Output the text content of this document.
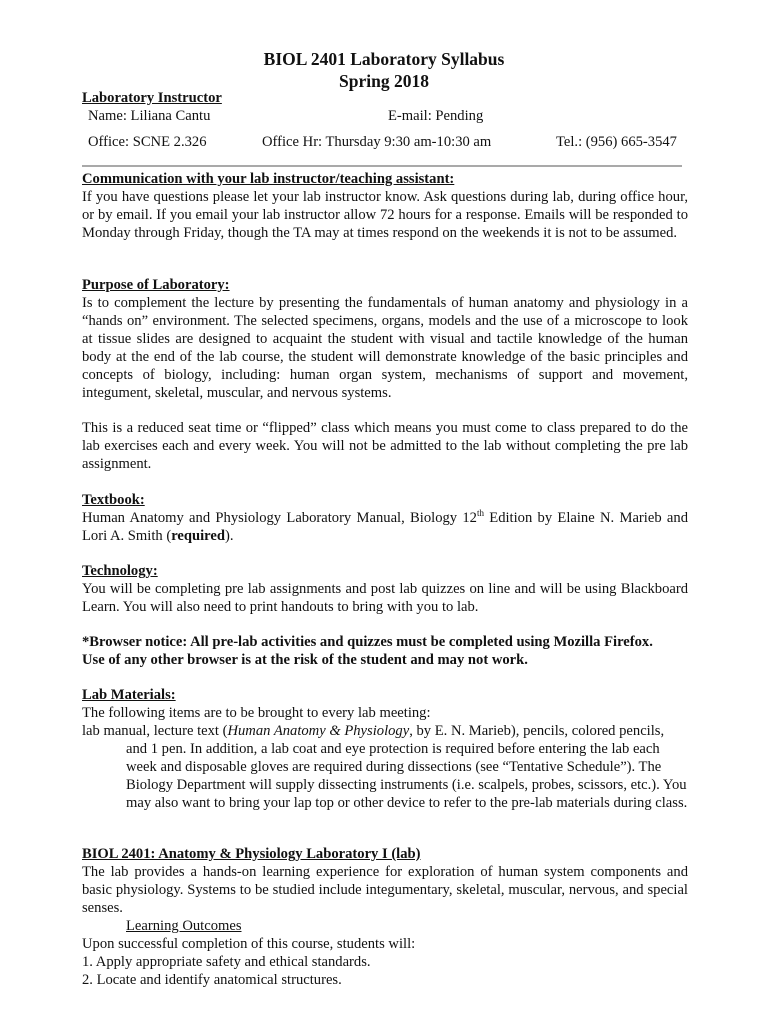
BIOL 2401 Laboratory Syllabus
Spring 2018
Laboratory Instructor
Name: Liliana Cantu	E-mail: Pending
Office: SCNE 2.326	Office Hr: Thursday 9:30 am-10:30 am	Tel.: (956) 665-3547

Communication with your lab instructor/teaching assistant:

If you have questions please let your lab instructor know. Ask questions during lab, during office hour, or by email. If you email your lab instructor allow 72 hours for a response. Emails will be responded to Monday through Friday, though the TA may at times respond on the weekends it is not to be assumed.

Purpose of Laboratory:

Is to complement the lecture by presenting the fundamentals of human anatomy and physiology in a “hands on” environment. The selected specimens, organs, models and the use of a microscope to look at tissue slides are designed to acquaint the student with visual and tactile knowledge of the human body at the end of the lab course, the student will demonstrate knowledge of the basic principles and concepts of biology, including: human organ system, mechanisms of support and movement, integument, skeletal, muscular, and nervous systems.

This is a reduced seat time or “flipped” class which means you must come to class prepared to do the lab exercises each and every week. You will not be admitted to the lab without completing the pre lab assignment.

Textbook:

Human Anatomy and Physiology Laboratory Manual, Biology 12th Edition by Elaine N. Marieb and Lori A. Smith (required).

Technology:

You will be completing pre lab assignments and post lab quizzes on line and will be using Blackboard Learn. You will also need to print handouts to bring with you to lab.

*Browser notice: All pre-lab activities and quizzes must be completed using Mozilla Firefox.

Use of any other browser is at the risk of the student and may not work.

Lab Materials:

The following items are to be brought to every lab meeting:

lab manual, lecture text (Human Anatomy & Physiology, by E. N. Marieb), pencils, colored pencils, and 1 pen. In addition, a lab coat and eye protection is required before entering the lab each week and disposable gloves are required during dissections (see “Tentative Schedule”). The Biology Department will supply dissecting instruments (i.e. scalpels, probes, scissors, etc.). You may also want to bring your lap top or other device to refer to the pre-lab materials during class.

BIOL 2401: Anatomy & Physiology Laboratory I (lab)

The lab provides a hands-on learning experience for exploration of human system components and basic physiology. Systems to be studied include integumentary, skeletal, muscular, nervous, and special senses.

Learning Outcomes

Upon successful completion of this course, students will:

1. Apply appropriate safety and ethical standards.

2. Locate and identify anatomical structures.
